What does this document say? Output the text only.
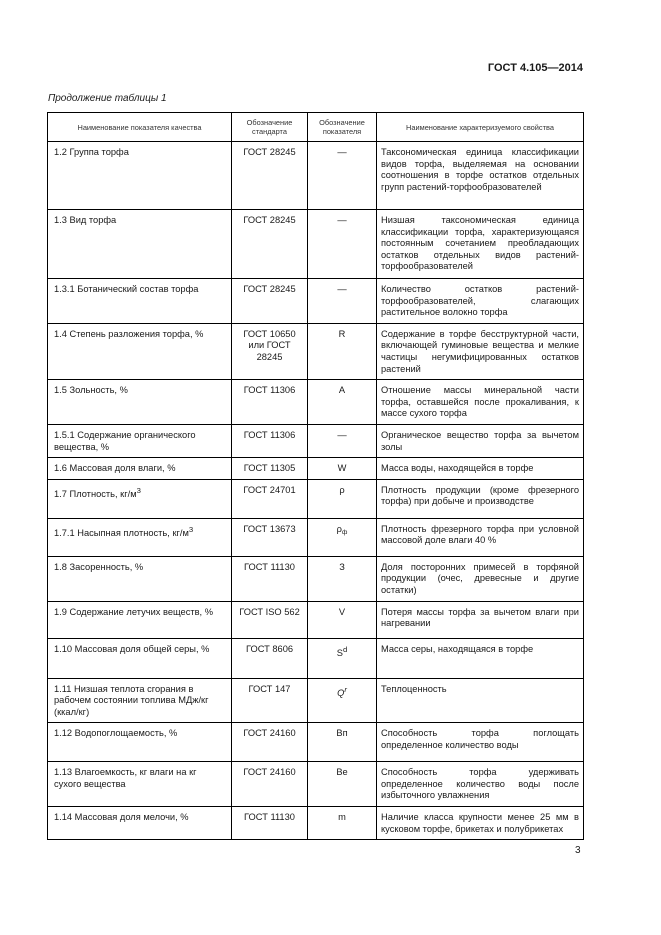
ГОСТ 4.105—2014
Продолжение таблицы 1
Наименование показателя качества	Обозначение стандарта	Обозначение показателя	Наименование характеризуемого свойства
1.2 Группа торфа	ГОСТ 28245	—	Таксономическая единица классификации видов торфа, выделяемая на основании соотношения в торфе остатков отдельных групп растений-торфообразователей
1.3 Вид торфа	ГОСТ 28245	—	Низшая таксономическая единица классификации торфа, характеризующаяся постоянным сочетанием преобладающих остатков отдельных видов растений-торфообразователей
1.3.1 Ботанический состав торфа	ГОСТ 28245	—	Количество остатков растений-торфообразователей, слагающих растительное волокно торфа
1.4 Степень разложения торфа, %	ГОСТ 10650 или ГОСТ 28245	R	Содержание в торфе бесструктурной части, включающей гуминовые вещества и мелкие частицы негумифицированных остатков растений
1.5 Зольность, %	ГОСТ 11306	A	Отношение массы минеральной части торфа, оставшейся после прокаливания, к массе сухого торфа
1.5.1 Содержание органического вещества, %	ГОСТ 11306	—	Органическое вещество торфа за вычетом золы
1.6 Массовая доля влаги, %	ГОСТ 11305	W	Масса воды, находящейся в торфе
1.7 Плотность, $кг/м^3$	ГОСТ 24701	ρ	Плотность продукции (кроме фрезерного торфа) при добыче и производстве
1.7.1 Насыпная плотность, $кг/м^3$	ГОСТ 13673	$\rho_ф$	Плотность фрезерного торфа при условной массовой доле влаги 40 %
1.8 Засоренность, %	ГОСТ 11130	З	Доля посторонних примесей в торфяной продукции (очес, древесные и другие остатки)
1.9 Содержание летучих веществ, %	ГОСТ ISO 562	V	Потеря массы торфа за вычетом влаги при нагревании
1.10 Массовая доля общей серы, %	ГОСТ 8606	$S^d$	Масса серы, находящаяся в торфе
1.11 Низшая теплота сгорания в рабочем состоянии топлива МДж/кг (ккал/кг)	ГОСТ 147	$Q^r$	Теплоценность
1.12 Водопоглощаемость, %	ГОСТ 24160	Вп	Способность торфа поглощать определенное количество воды
1.13 Влагоемкость, кг влаги на кг сухого вещества	ГОСТ 24160	Ве	Способность торфа удерживать определенное количество воды после избыточного увлажнения
1.14 Массовая доля мелочи, %	ГОСТ 11130	m	Наличие класса крупности менее 25 мм в кусковом торфе, брикетах и полубрикетах
3
